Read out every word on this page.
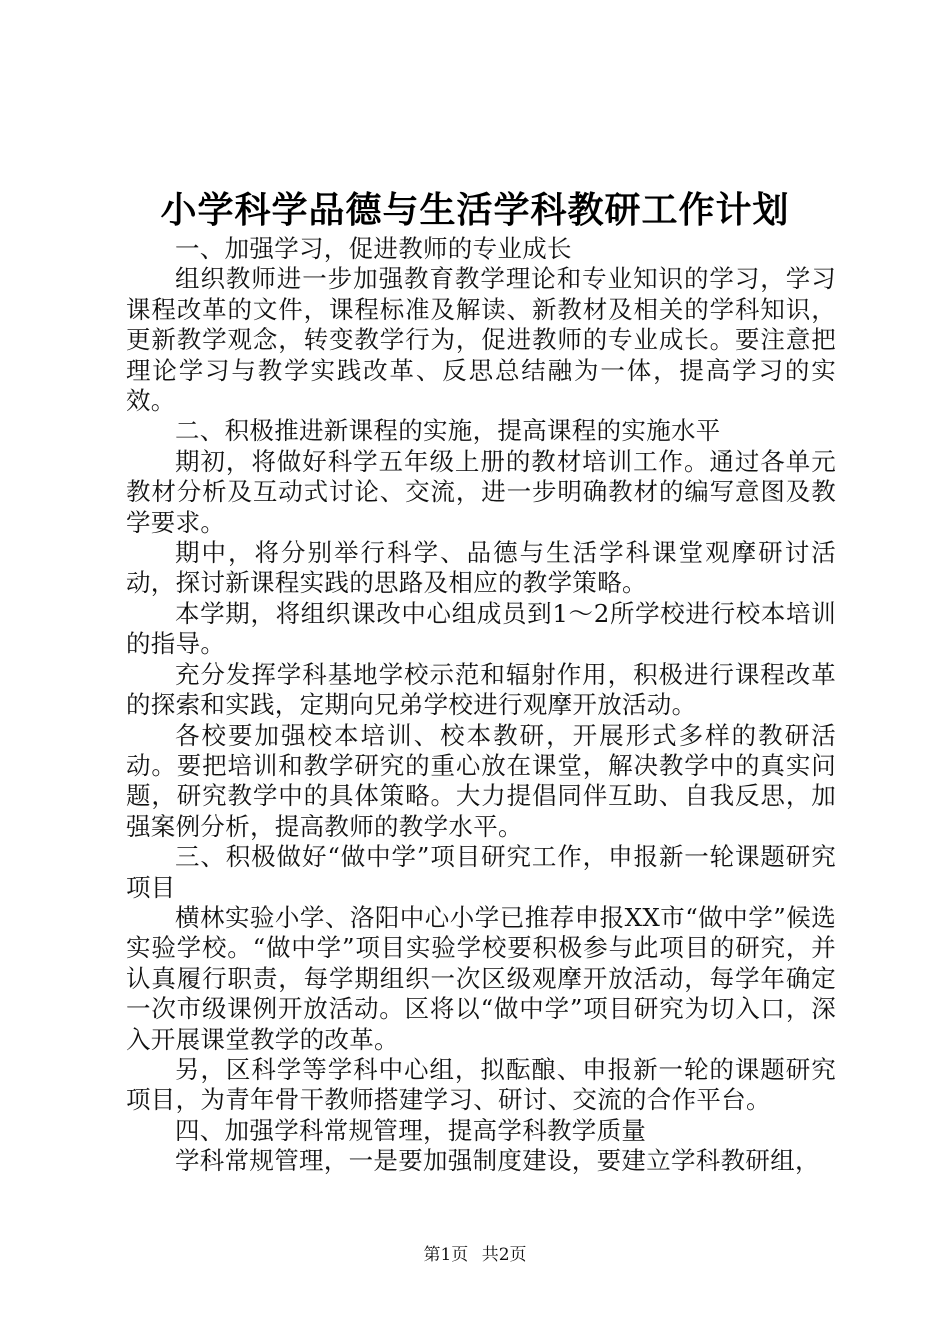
小学科学品德与生活学科教研工作计划

一、加强学习，促进教师的专业成长

组织教师进一步加强教育教学理论和专业知识的学习，学习课程改革的文件，课程标准及解读、新教材及相关的学科知识，更新教学观念，转变教学行为，促进教师的专业成长。要注意把理论学习与教学实践改革、反思总结融为一体，提高学习的实效。

二、积极推进新课程的实施，提高课程的实施水平

期初，将做好科学五年级上册的教材培训工作。通过各单元教材分析及互动式讨论、交流，进一步明确教材的编写意图及教学要求。

期中，将分别举行科学、品德与生活学科课堂观摩研讨活动，探讨新课程实践的思路及相应的教学策略。

本学期，将组织课改中心组成员到1～2所学校进行校本培训的指导。

充分发挥学科基地学校示范和辐射作用，积极进行课程改革的探索和实践，定期向兄弟学校进行观摩开放活动。

各校要加强校本培训、校本教研，开展形式多样的教研活动。要把培训和教学研究的重心放在课堂，解决教学中的真实问题，研究教学中的具体策略。大力提倡同伴互助、自我反思，加强案例分析，提高教师的教学水平。

三、积极做好“做中学”项目研究工作，申报新一轮课题研究项目

横林实验小学、洛阳中心小学已推荐申报XX市“做中学”候选实验学校。“做中学”项目实验学校要积极参与此项目的研究，并认真履行职责，每学期组织一次区级观摩开放活动，每学年确定一次市级课例开放活动。区将以“做中学”项目研究为切入口，深入开展课堂教学的改革。

另，区科学等学科中心组，拟酝酿、申报新一轮的课题研究项目，为青年骨干教师搭建学习、研讨、交流的合作平台。

四、加强学科常规管理，提高学科教学质量

学科常规管理，一是要加强制度建设，要建立学科教研组，

第1页 共2页
